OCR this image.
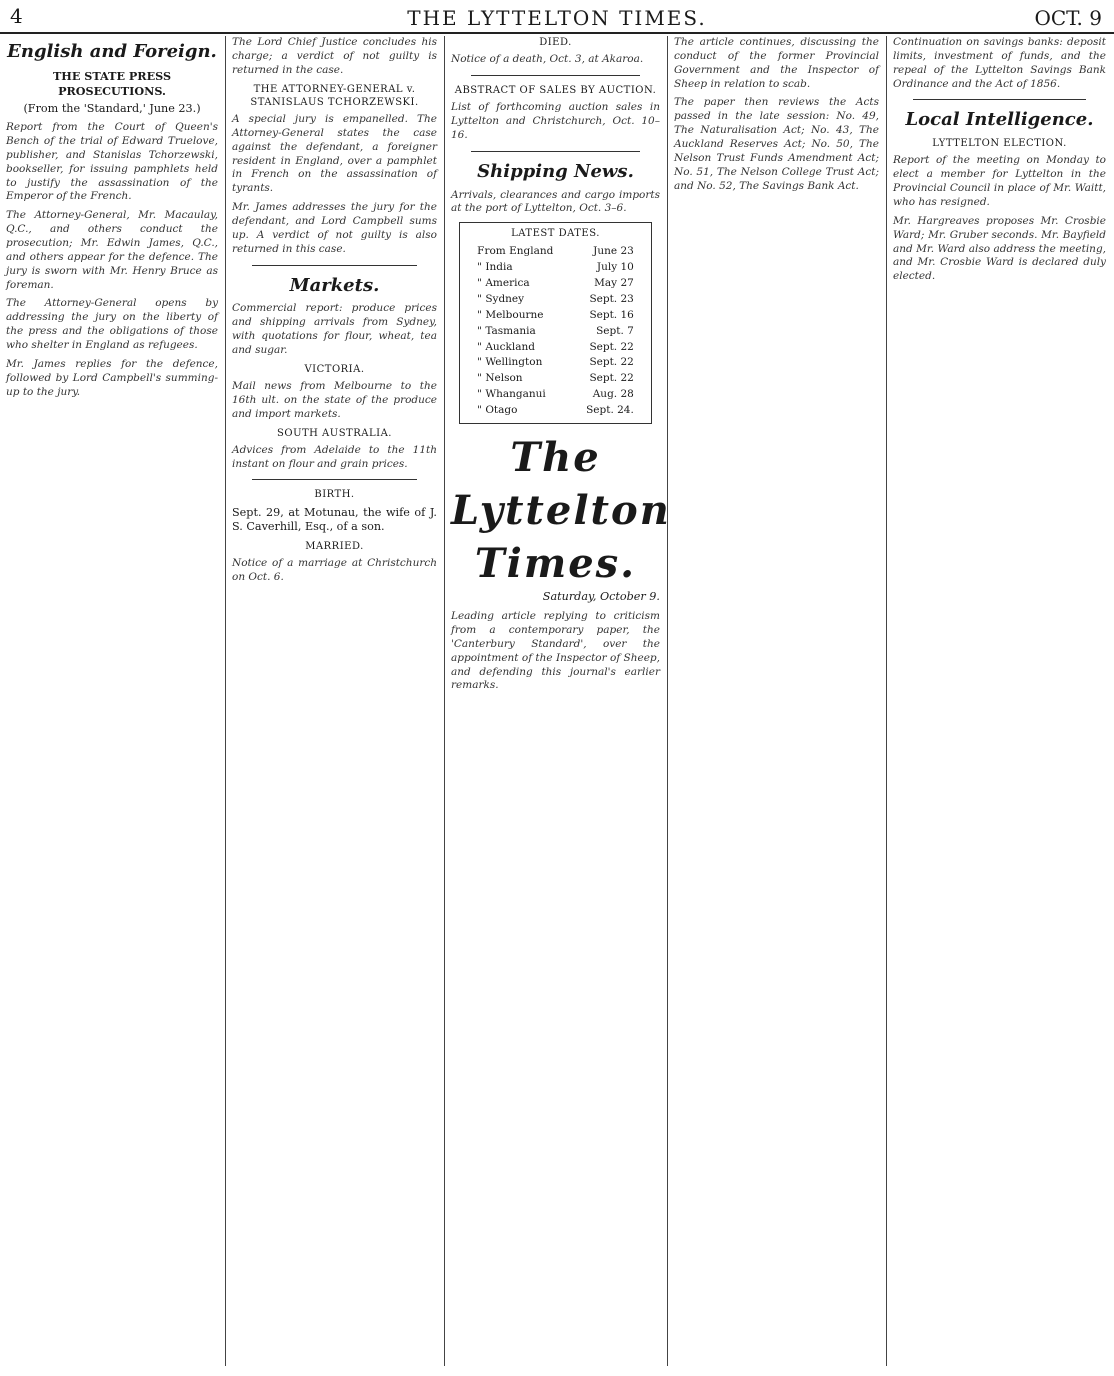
4	THE LYTTELTON TIMES.	OCT. 9
English and Foreign.

THE STATE PRESS PROSECUTIONS.

(From the 'Standard,' June 23.)

Report from the Court of Queen's Bench of the trial of Edward Truelove, publisher, and Stanislas Tchorzewski, bookseller, for issuing pamphlets held to justify the assassination of the Emperor of the French.

The Attorney-General, Mr. Macaulay, Q.C., and others conduct the prosecution; Mr. Edwin James, Q.C., and others appear for the defence. The jury is sworn with Mr. Henry Bruce as foreman.

The Attorney-General opens by addressing the jury on the liberty of the press and the obligations of those who shelter in England as refugees.

Mr. James replies for the defence, followed by Lord Campbell's summing-up to the jury.

The Lord Chief Justice concludes his charge; a verdict of not guilty is returned in the case.

THE ATTORNEY-GENERAL v. STANISLAUS TCHORZEWSKI.

A special jury is empanelled. The Attorney-General states the case against the defendant, a foreigner resident in England, over a pamphlet in French on the assassination of tyrants.

Mr. James addresses the jury for the defendant, and Lord Campbell sums up. A verdict of not guilty is also returned in this case.

Markets.

Commercial report: produce prices and shipping arrivals from Sydney, with quotations for flour, wheat, tea and sugar.

VICTORIA.

Mail news from Melbourne to the 16th ult. on the state of the produce and import markets.

SOUTH AUSTRALIA.

Advices from Adelaide to the 11th instant on flour and grain prices.

BIRTH.

Sept. 29, at Motunau, the wife of J. S. Caverhill, Esq., of a son.

MARRIED.

Notice of a marriage at Christchurch on Oct. 6.

DIED.

Notice of a death, Oct. 3, at Akaroa.

ABSTRACT OF SALES BY AUCTION.

List of forthcoming auction sales in Lyttelton and Christchurch, Oct. 10–16.

Shipping News.

Arrivals, clearances and cargo imports at the port of Lyttelton, Oct. 3–6.

LATEST DATES.

From England	June 23
" India	July 10
" America	May 27
" Sydney	Sept. 23
" Melbourne	Sept. 16
" Tasmania	Sept. 7
" Auckland	Sept. 22
" Wellington	Sept. 22
" Nelson	Sept. 22
" Whanganui	Aug. 28
" Otago	Sept. 24.
The Lyttelton Times.

Saturday, October 9.

Leading article replying to criticism from a contemporary paper, the 'Canterbury Standard', over the appointment of the Inspector of Sheep, and defending this journal's earlier remarks.

The article continues, discussing the conduct of the former Provincial Government and the Inspector of Sheep in relation to scab.

The paper then reviews the Acts passed in the late session: No. 49, The Naturalisation Act; No. 43, The Auckland Reserves Act; No. 50, The Nelson Trust Funds Amendment Act; No. 51, The Nelson College Trust Act; and No. 52, The Savings Bank Act.

Continuation on savings banks: deposit limits, investment of funds, and the repeal of the Lyttelton Savings Bank Ordinance and the Act of 1856.

Local Intelligence.

LYTTELTON ELECTION.

Report of the meeting on Monday to elect a member for Lyttelton in the Provincial Council in place of Mr. Waitt, who has resigned.

Mr. Hargreaves proposes Mr. Crosbie Ward; Mr. Gruber seconds. Mr. Bayfield and Mr. Ward also address the meeting, and Mr. Crosbie Ward is declared duly elected.
